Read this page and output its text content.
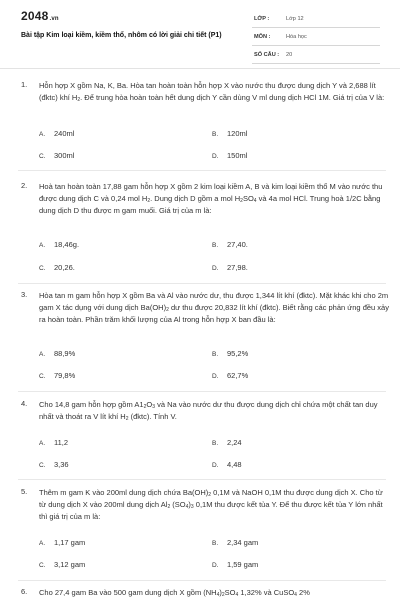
2048.vn
Bài tập Kim loại kiềm, kiềm thổ, nhôm có lời giải chi tiết (P1)
LỚP :	Lớp 12
MÔN :	Hóa học
SỐ CÂU : 20
1. Hỗn hợp X gồm Na, K, Ba. Hòa tan hoàn toàn hỗn hợp X vào nước thu được dung dịch Y và 2,688 lít (đktc) khí $H_2$. Để trung hòa hoàn toàn hết dung dịch Y cần dùng V ml dung dịch HCl 1M. Giá trị của V là:
A. 240ml	B. 120ml
C. 300ml	D. 150ml
2. Hoà tan hoàn toàn 17,88 gam hỗn hợp X gồm 2 kim loại kiềm A, B và kim loại kiềm thổ M vào nước thu được dung dịch C và 0,24 mol $H_2$. Dung dịch D gồm a mol $H_2SO_4$ và 4a mol HCl. Trung hoà 1/2C bằng dung dịch D thu được m gam muối. Giá trị của m là:
A. 18,46g.	B. 27,40.
C. 20,26.	D. 27,98.
3. Hòa tan m gam hỗn hợp X gồm Ba và Al vào nước dư, thu được 1,344 lít khí (đktc). Mặt khác khi cho 2m gam X tác dụng với dung dịch $Ba(OH)_2$ dư thu được 20,832 lít khí (đktc). Biết rằng các phản ứng đều xảy ra hoàn toàn. Phần trăm khối lượng của Al trong hỗn hợp X ban đầu là:
A. 88,9%	B. 95,2%
C. 79,8%	D. 62,7%
4. Cho 14,8 gam hỗn hợp gồm $A1_2O_3$ và Na vào nước dư thu được dung dịch chỉ chứa một chất tan duy nhất và thoát ra V lít khí $H_2$ (đktc). Tính V.
A. 11,2	B. 2,24
C. 3,36	D. 4,48
5. Thêm m gam K vào 200ml dung dịch chứa $Ba(OH)_2$ 0,1M và NaOH 0,1M thu được dung dịch X. Cho từ từ dung dịch X vào 200ml dung dịch $Al_2$ $(SO_4)_3$ 0,1M thu được kết tủa Y. Để thu được kết tủa Y lớn nhất thì giá trị của m là:
A. 1,17 gam	B. 2,34 gam
C. 3,12 gam	D. 1,59 gam
6. Cho 27,4 gam Ba vào 500 gam dung dịch X gồm $(NH_4)_2SO_4$ 1,32% và CuSO$_4$ 2%
